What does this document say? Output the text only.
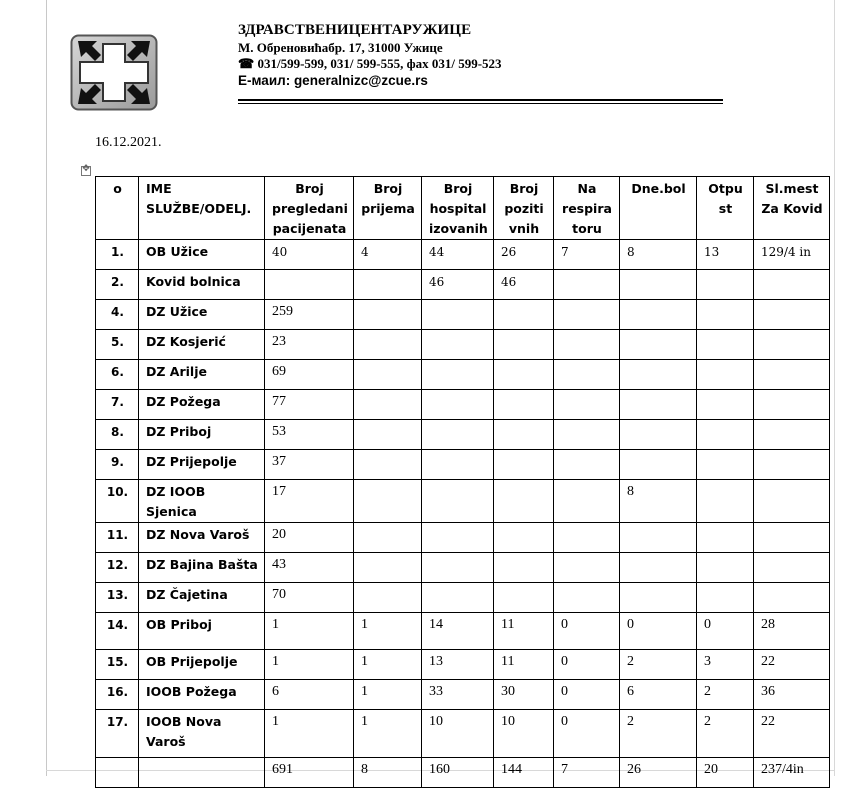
ЗДРАВСТВЕНИЦЕНТАРУЖИЦЕ
М. Обреновићабр. 17, 31000 Ужице
☎ 031/599-599, 031/ 599-555, фах 031/ 599-523
Е-маил: generalnizc@zcue.rs
16.12.2021.
✥
o	IME SLUŽBE/ODELJ.	Broj pregledani pacijenata	Broj prijema	Broj hospital izovanih	Broj poziti vnih	Na respira toru	Dne.bol	Otpu st	Sl.mest Za Kovid
1.	OB Užice	40	4	44	26	7	8	13	129/4 in
2.	Kovid bolnica			46	46				
4.	DZ Užice	259							
5.	DZ Kosjerić	23							
6.	DZ Arilje	69							
7.	DZ Požega	77							
8.	DZ Priboj	53							
9.	DZ Prijepolje	37							
10.	DZ IOOB Sjenica	17					8		
11.	DZ Nova Varoš	20							
12.	DZ Bajina Bašta	43							
13.	DZ Čajetina	70							
14.	OB Priboj	1	1	14	11	0	0	0	28
15.	OB Prijepolje	1	1	13	11	0	2	3	22
16.	IOOB Požega	6	1	33	30	0	6	2	36
17.	IOOB Nova Varoš	1	1	10	10	0	2	2	22
		691	8	160	144	7	26	20	237/4in
